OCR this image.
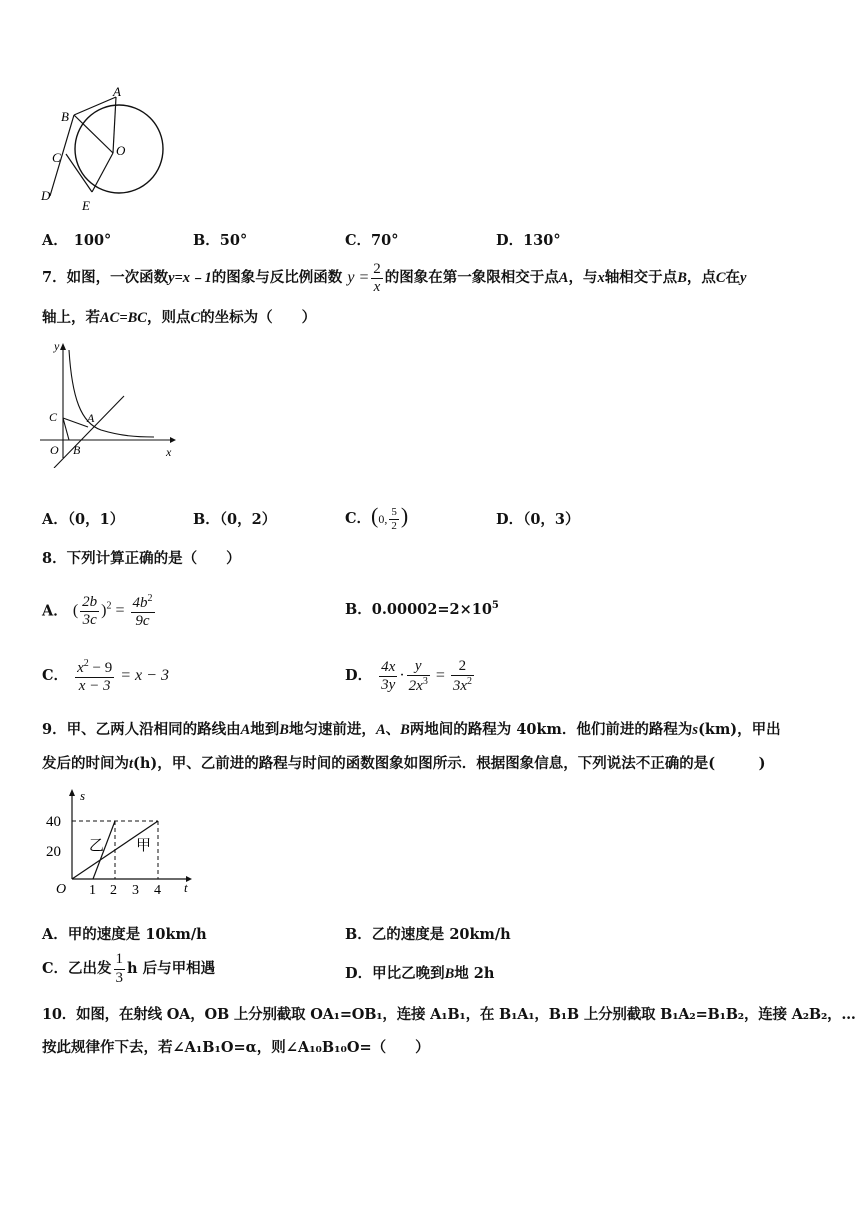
A
B
C	O
D
E
A． 100°	B．50°	C．70°	D．130°
7．如图，一次函数y=x﹣1的图象与反比例函数 $y = \frac{2}{x}$ 的图象在第一象限相交于点A，与x轴相交于点B，点C在y
轴上，若AC=BC，则点C的坐标为（　　）
y
x
C A
O B
A．（0，1）	B．（0，2）	C．(0, $\frac{5}{2}$ )	D．（0，3）
8．下列计算正确的是（　　）
A． ( $\frac{2b}{3c} )^2 = \frac{4b^2}{9c}$	B．$0.00002=2\times 10^5$
C． $\frac{x^2 - 9}{x - 3} = x - 3$	D． $\frac{4x}{3y} \cdot \frac{y}{2x^3} = \frac{2}{3x^2}$
9．甲、乙两人沿相同的路线由A地到B地匀速前进，A、B两地间的路程为 40km．他们前进的路程为s(km)，甲出
发后的时间为t(h)，甲、乙前进的路程与时间的函数图象如图所示．根据图象信息，下列说法不正确的是(　　　)
s
t
O
40
20
1 2 3 4
乙 甲
A．甲的速度是 10km/h	B．乙的速度是 20km/h
C．乙出发 $\frac{1}{3}$ h 后与甲相遇	D．甲比乙晚到B地 2h
10．如图，在射线 OA，OB 上分别截取 OA₁=OB₁，连接 A₁B₁，在 B₁A₁，B₁B 上分别截取 B₁A₂=B₁B₂，连接 A₂B₂，…
按此规律作下去，若∠A₁B₁O=α，则∠A₁₀B₁₀O=（　　）
